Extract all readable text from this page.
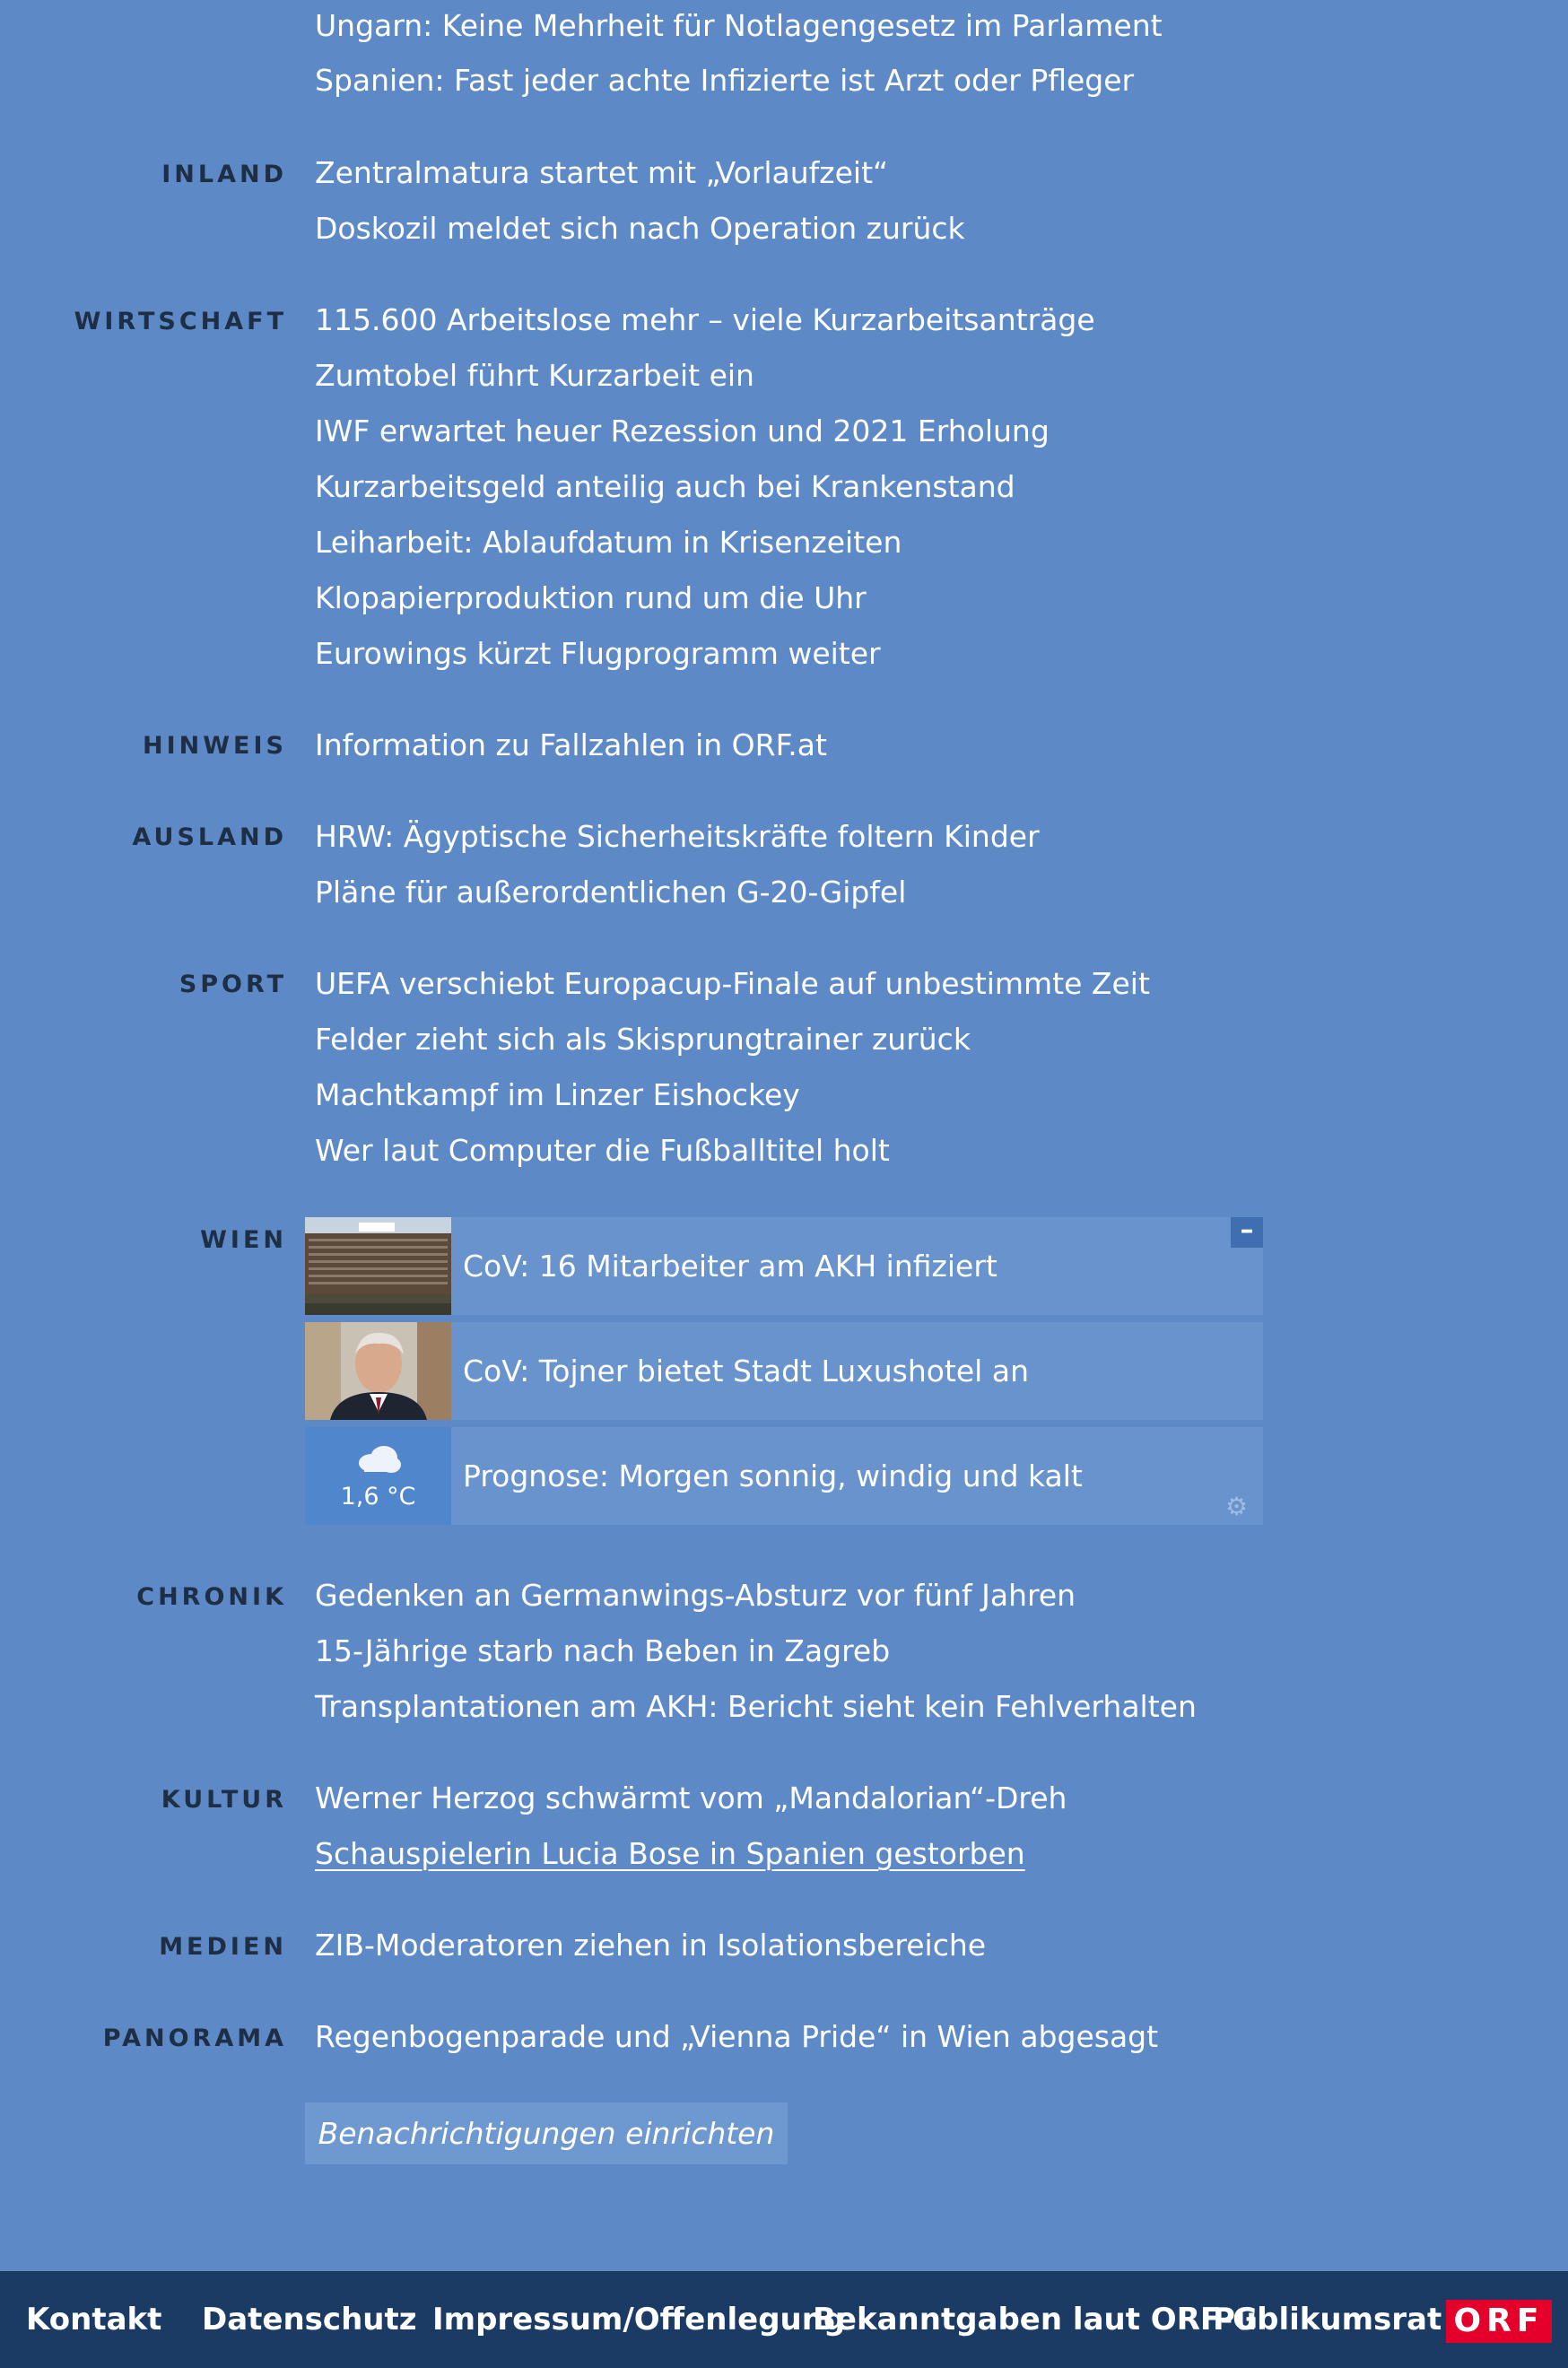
Ungarn: Keine Mehrheit für Notlagengesetz im Parlament
Spanien: Fast jeder achte Infizierte ist Arzt oder Pfleger
INLAND Zentralmatura startet mit „Vorlaufzeit“
Doskozil meldet sich nach Operation zurück
WIRTSCHAFT 115.600 Arbeitslose mehr – viele Kurzarbeitsanträge
Zumtobel führt Kurzarbeit ein
IWF erwartet heuer Rezession und 2021 Erholung
Kurzarbeitsgeld anteilig auch bei Krankenstand
Leiharbeit: Ablaufdatum in Krisenzeiten
Klopapierproduktion rund um die Uhr
Eurowings kürzt Flugprogramm weiter
HINWEIS Information zu Fallzahlen in ORF.at
AUSLAND HRW: Ägyptische Sicherheitskräfte foltern Kinder
Pläne für außerordentlichen G-20-Gipfel
SPORT UEFA verschiebt Europacup-Finale auf unbestimmte Zeit
Felder zieht sich als Skisprungtrainer zurück
Machtkampf im Linzer Eishockey
Wer laut Computer die Fußballtitel holt
WIEN
CoV: 16 Mitarbeiter am AKH infiziert
–
CoV: Tojner bietet Stadt Luxushotel an
1,6 °C
Prognose: Morgen sonnig, windig und kalt
⚙
CHRONIK Gedenken an Germanwings-Absturz vor fünf Jahren
15-Jährige starb nach Beben in Zagreb
Transplantationen am AKH: Bericht sieht kein Fehlverhalten
KULTUR Werner Herzog schwärmt vom „Mandalorian“-Dreh
Schauspielerin Lucia Bose in Spanien gestorben
MEDIEN ZIB-Moderatoren ziehen in Isolationsbereiche
PANORAMA Regenbogenparade und „Vienna Pride“ in Wien abgesagt
Benachrichtigungen einrichten
Kontakt Datenschutz Impressum/Offenlegung
Bekanntgaben laut ORF-G
Publikumsrat ORF
